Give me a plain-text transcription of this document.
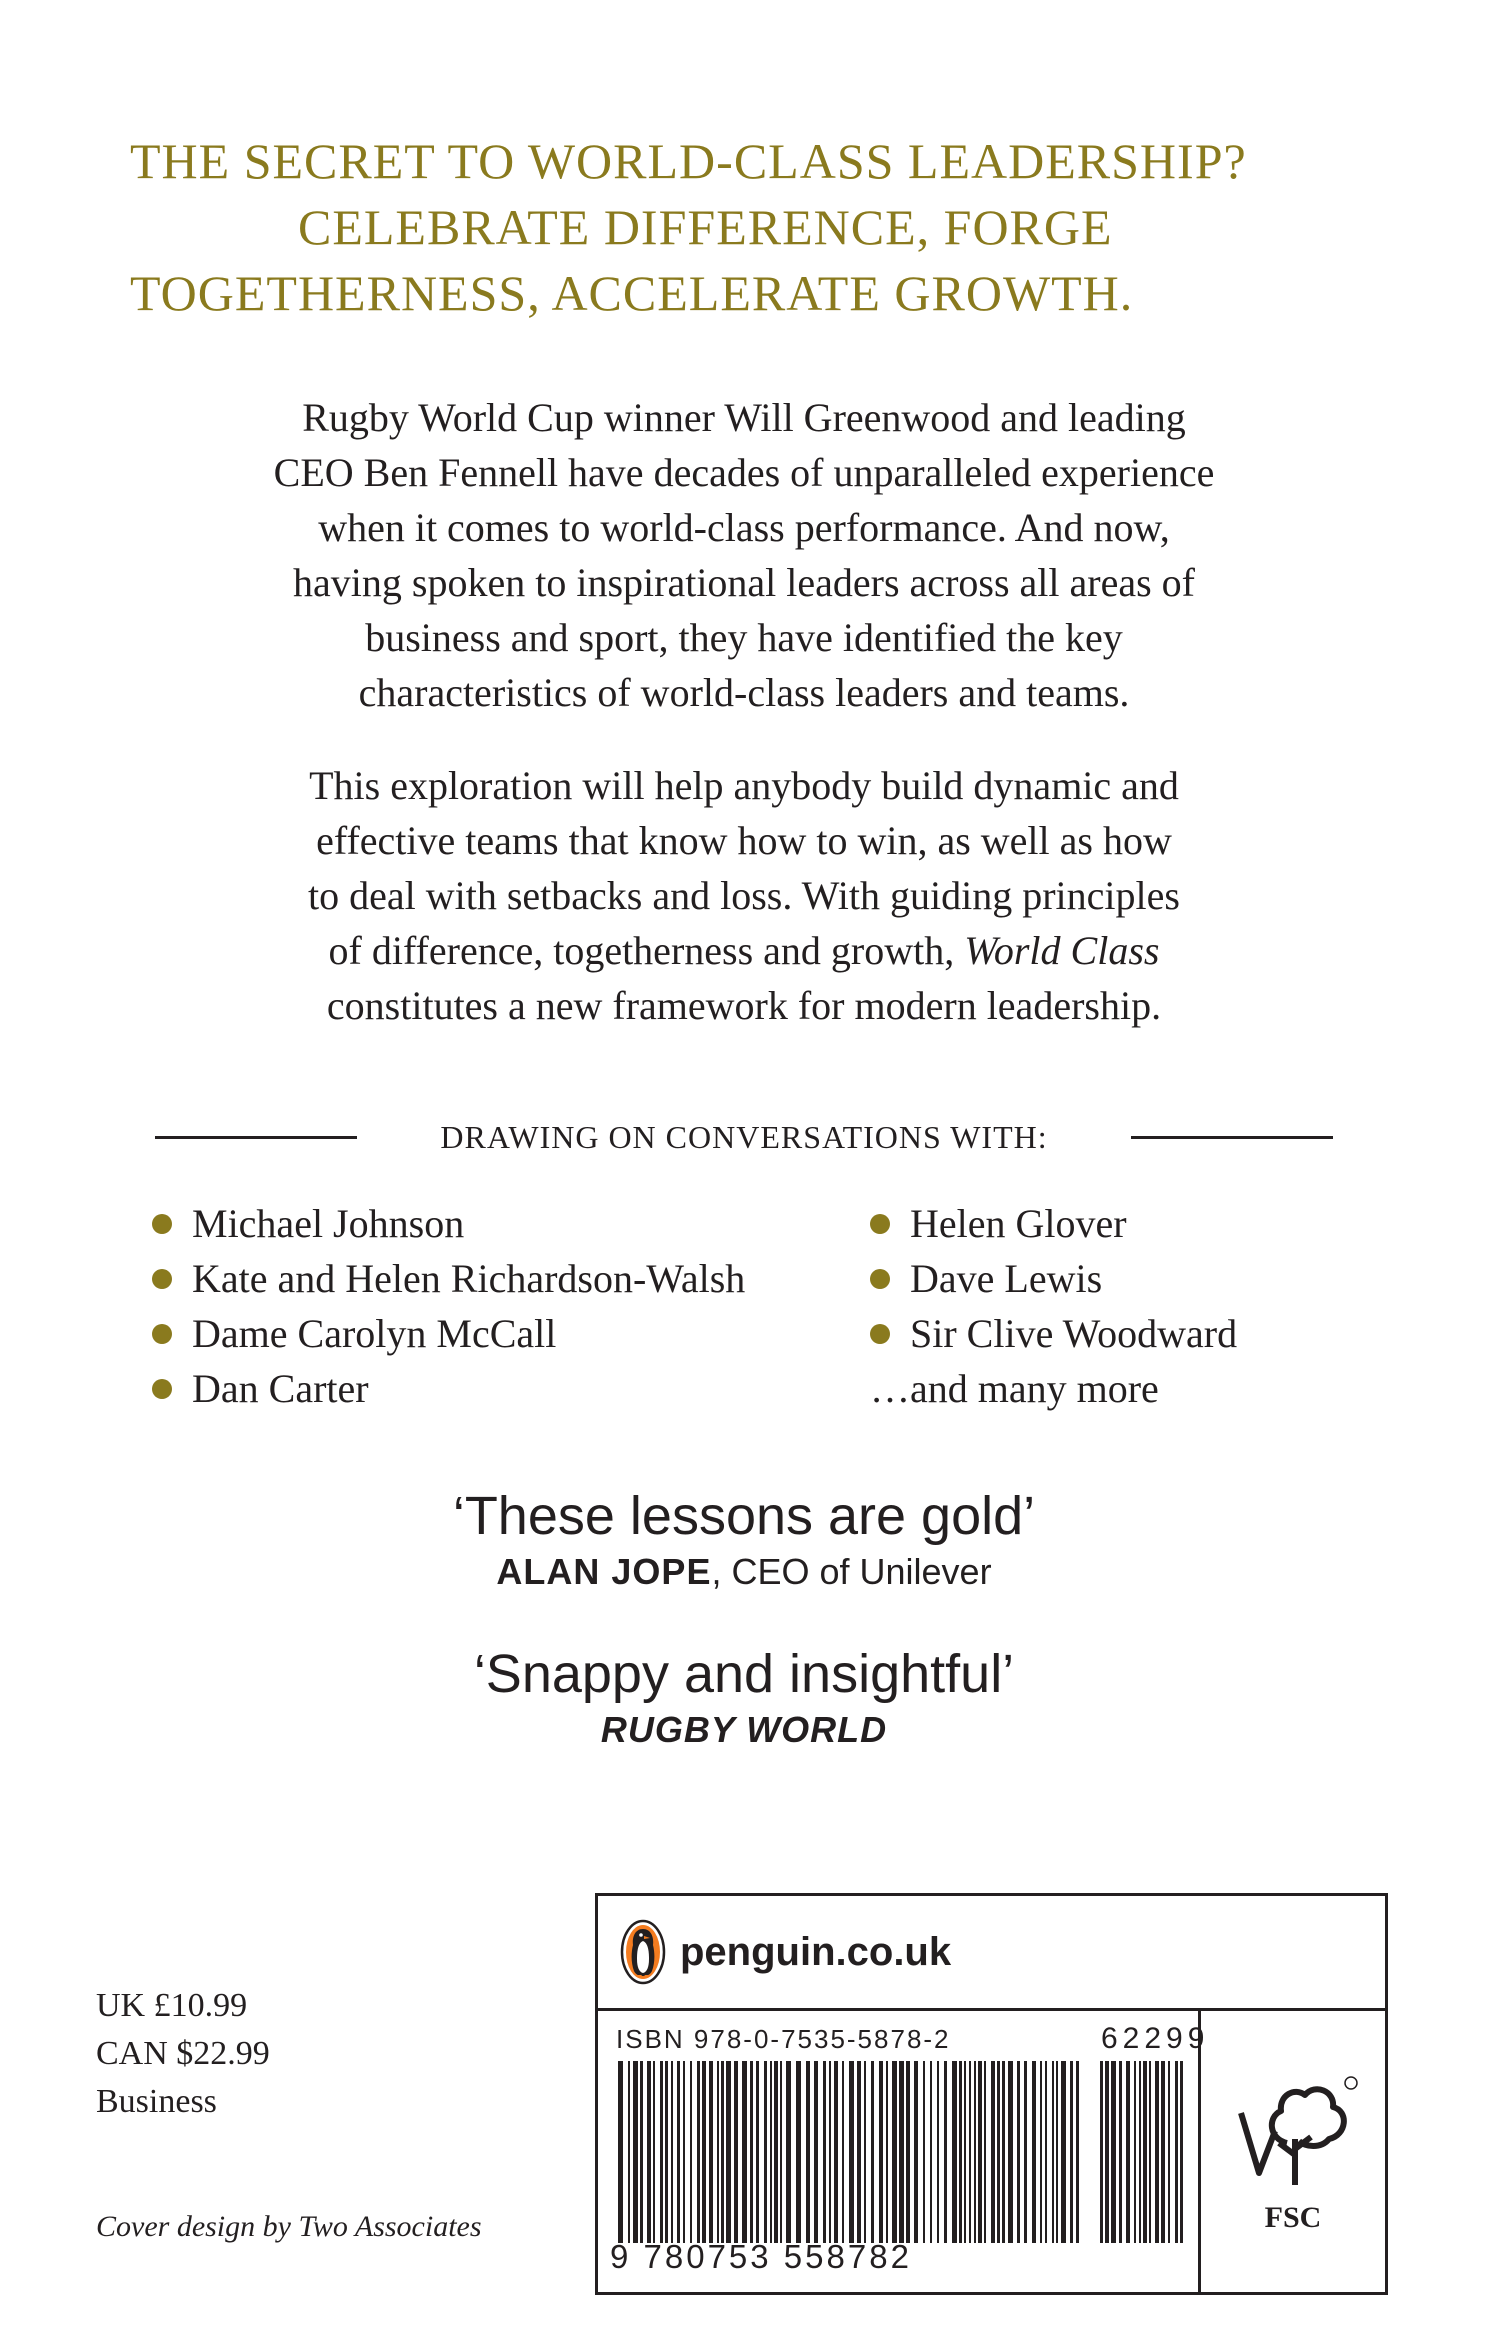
THE SECRET TO WORLD-CLASS LEADERSHIP?
CELEBRATE DIFFERENCE, FORGE
TOGETHERNESS, ACCELERATE GROWTH.
Rugby World Cup winner Will Greenwood and leading
CEO Ben Fennell have decades of unparalleled experience
when it comes to world-class performance. And now,
having spoken to inspirational leaders across all areas of
business and sport, they have identified the key
characteristics of world-class leaders and teams.
This exploration will help anybody build dynamic and
effective teams that know how to win, as well as how
to deal with setbacks and loss. With guiding principles
of difference, togetherness and growth, World Class
constitutes a new framework for modern leadership.
DRAWING ON CONVERSATIONS WITH:
Michael Johnson
Kate and Helen Richardson-Walsh
Dame Carolyn McCall
Dan Carter
Helen Glover
Dave Lewis
Sir Clive Woodward
…and many more
‘These lessons are gold’
ALAN JOPE, CEO of Unilever
‘Snappy and insightful’
RUGBY WORLD
UK £10.99
CAN $22.99
Business
Cover design by Two Associates
penguin.co.uk
ISBN 978-0-7535-5878-2	62299
9 780753 558782
FSC
